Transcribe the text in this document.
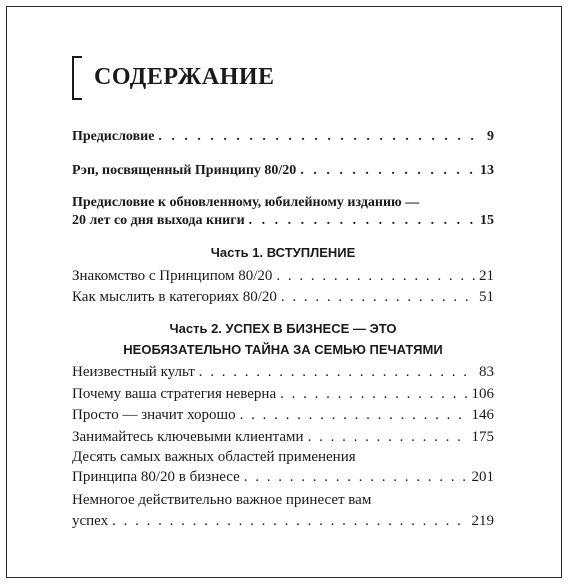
СОДЕРЖАНИЕ
Предисловие . . .	9
Рэп, посвященный Принципу 80/20 . . .	13
Предисловие к обновленному, юбилейному изданию —
20 лет со дня выхода книги . . .	15
Часть 1. ВСТУПЛЕНИЕ
Знакомство с Принципом 80/20 . . .	21
Как мыслить в категориях 80/20 . . .	51
Часть 2. УСПЕХ В БИЗНЕСЕ — ЭТО
НЕОБЯЗАТЕЛЬНО ТАЙНА ЗА СЕМЬЮ ПЕЧАТЯМИ
Неизвестный культ . . .	83
Почему ваша стратегия неверна . . .	106
Просто — значит хорошо . . .	146
Занимайтесь ключевыми клиентами . . .	175
Десять самых важных областей применения
Принципа 80/20 в бизнесе . . .	201
Немногое действительно важное принесет вам
успех . . .	219
